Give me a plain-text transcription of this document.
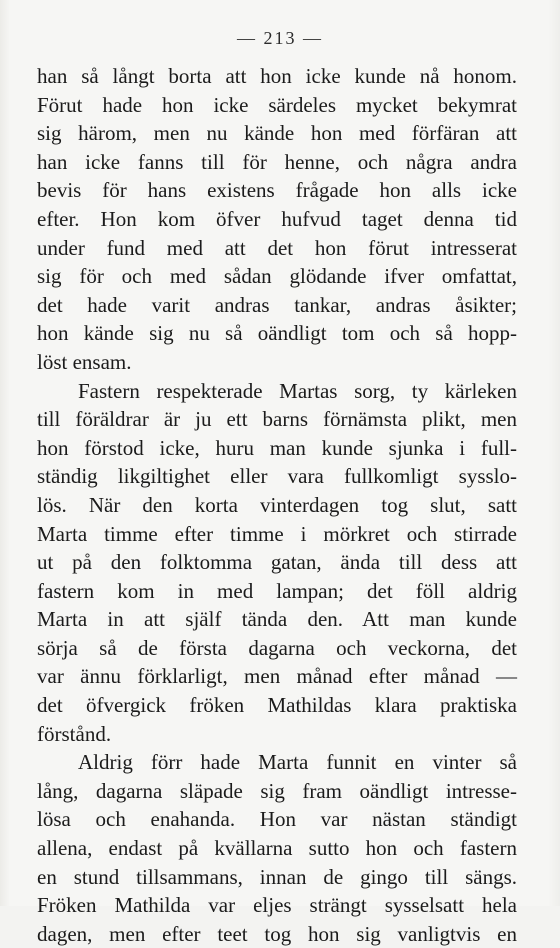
— 213 —
han så långt borta att hon icke kunde nå honom.
Förut hade hon icke särdeles mycket bekymrat
sig härom, men nu kände hon med förfäran att
han icke fanns till för henne, och några andra
bevis för hans existens frågade hon alls icke
efter. Hon kom öfver hufvud taget denna tid
under fund med att det hon förut intresserat
sig för och med sådan glödande ifver omfattat,
det hade varit andras tankar, andras åsikter;
hon kände sig nu så oändligt tom och så hopp-
löst ensam.
Fastern respekterade Martas sorg, ty kärleken
till föräldrar är ju ett barns förnämsta plikt, men
hon förstod icke, huru man kunde sjunka i full-
ständig likgiltighet eller vara fullkomligt sysslo-
lös. När den korta vinterdagen tog slut, satt
Marta timme efter timme i mörkret och stirrade
ut på den folktomma gatan, ända till dess att
fastern kom in med lampan; det föll aldrig
Marta in att själf tända den. Att man kunde
sörja så de första dagarna och veckorna, det
var ännu förklarligt, men månad efter månad —
det öfvergick fröken Mathildas klara praktiska
förstånd.
Aldrig förr hade Marta funnit en vinter så
lång, dagarna släpade sig fram oändligt intresse-
lösa och enahanda. Hon var nästan ständigt
allena, endast på kvällarna sutto hon och fastern
en stund tillsammans, innan de gingo till sängs.
Fröken Mathilda var eljes strängt sysselsatt hela
dagen, men efter teet tog hon sig vanligtvis en
